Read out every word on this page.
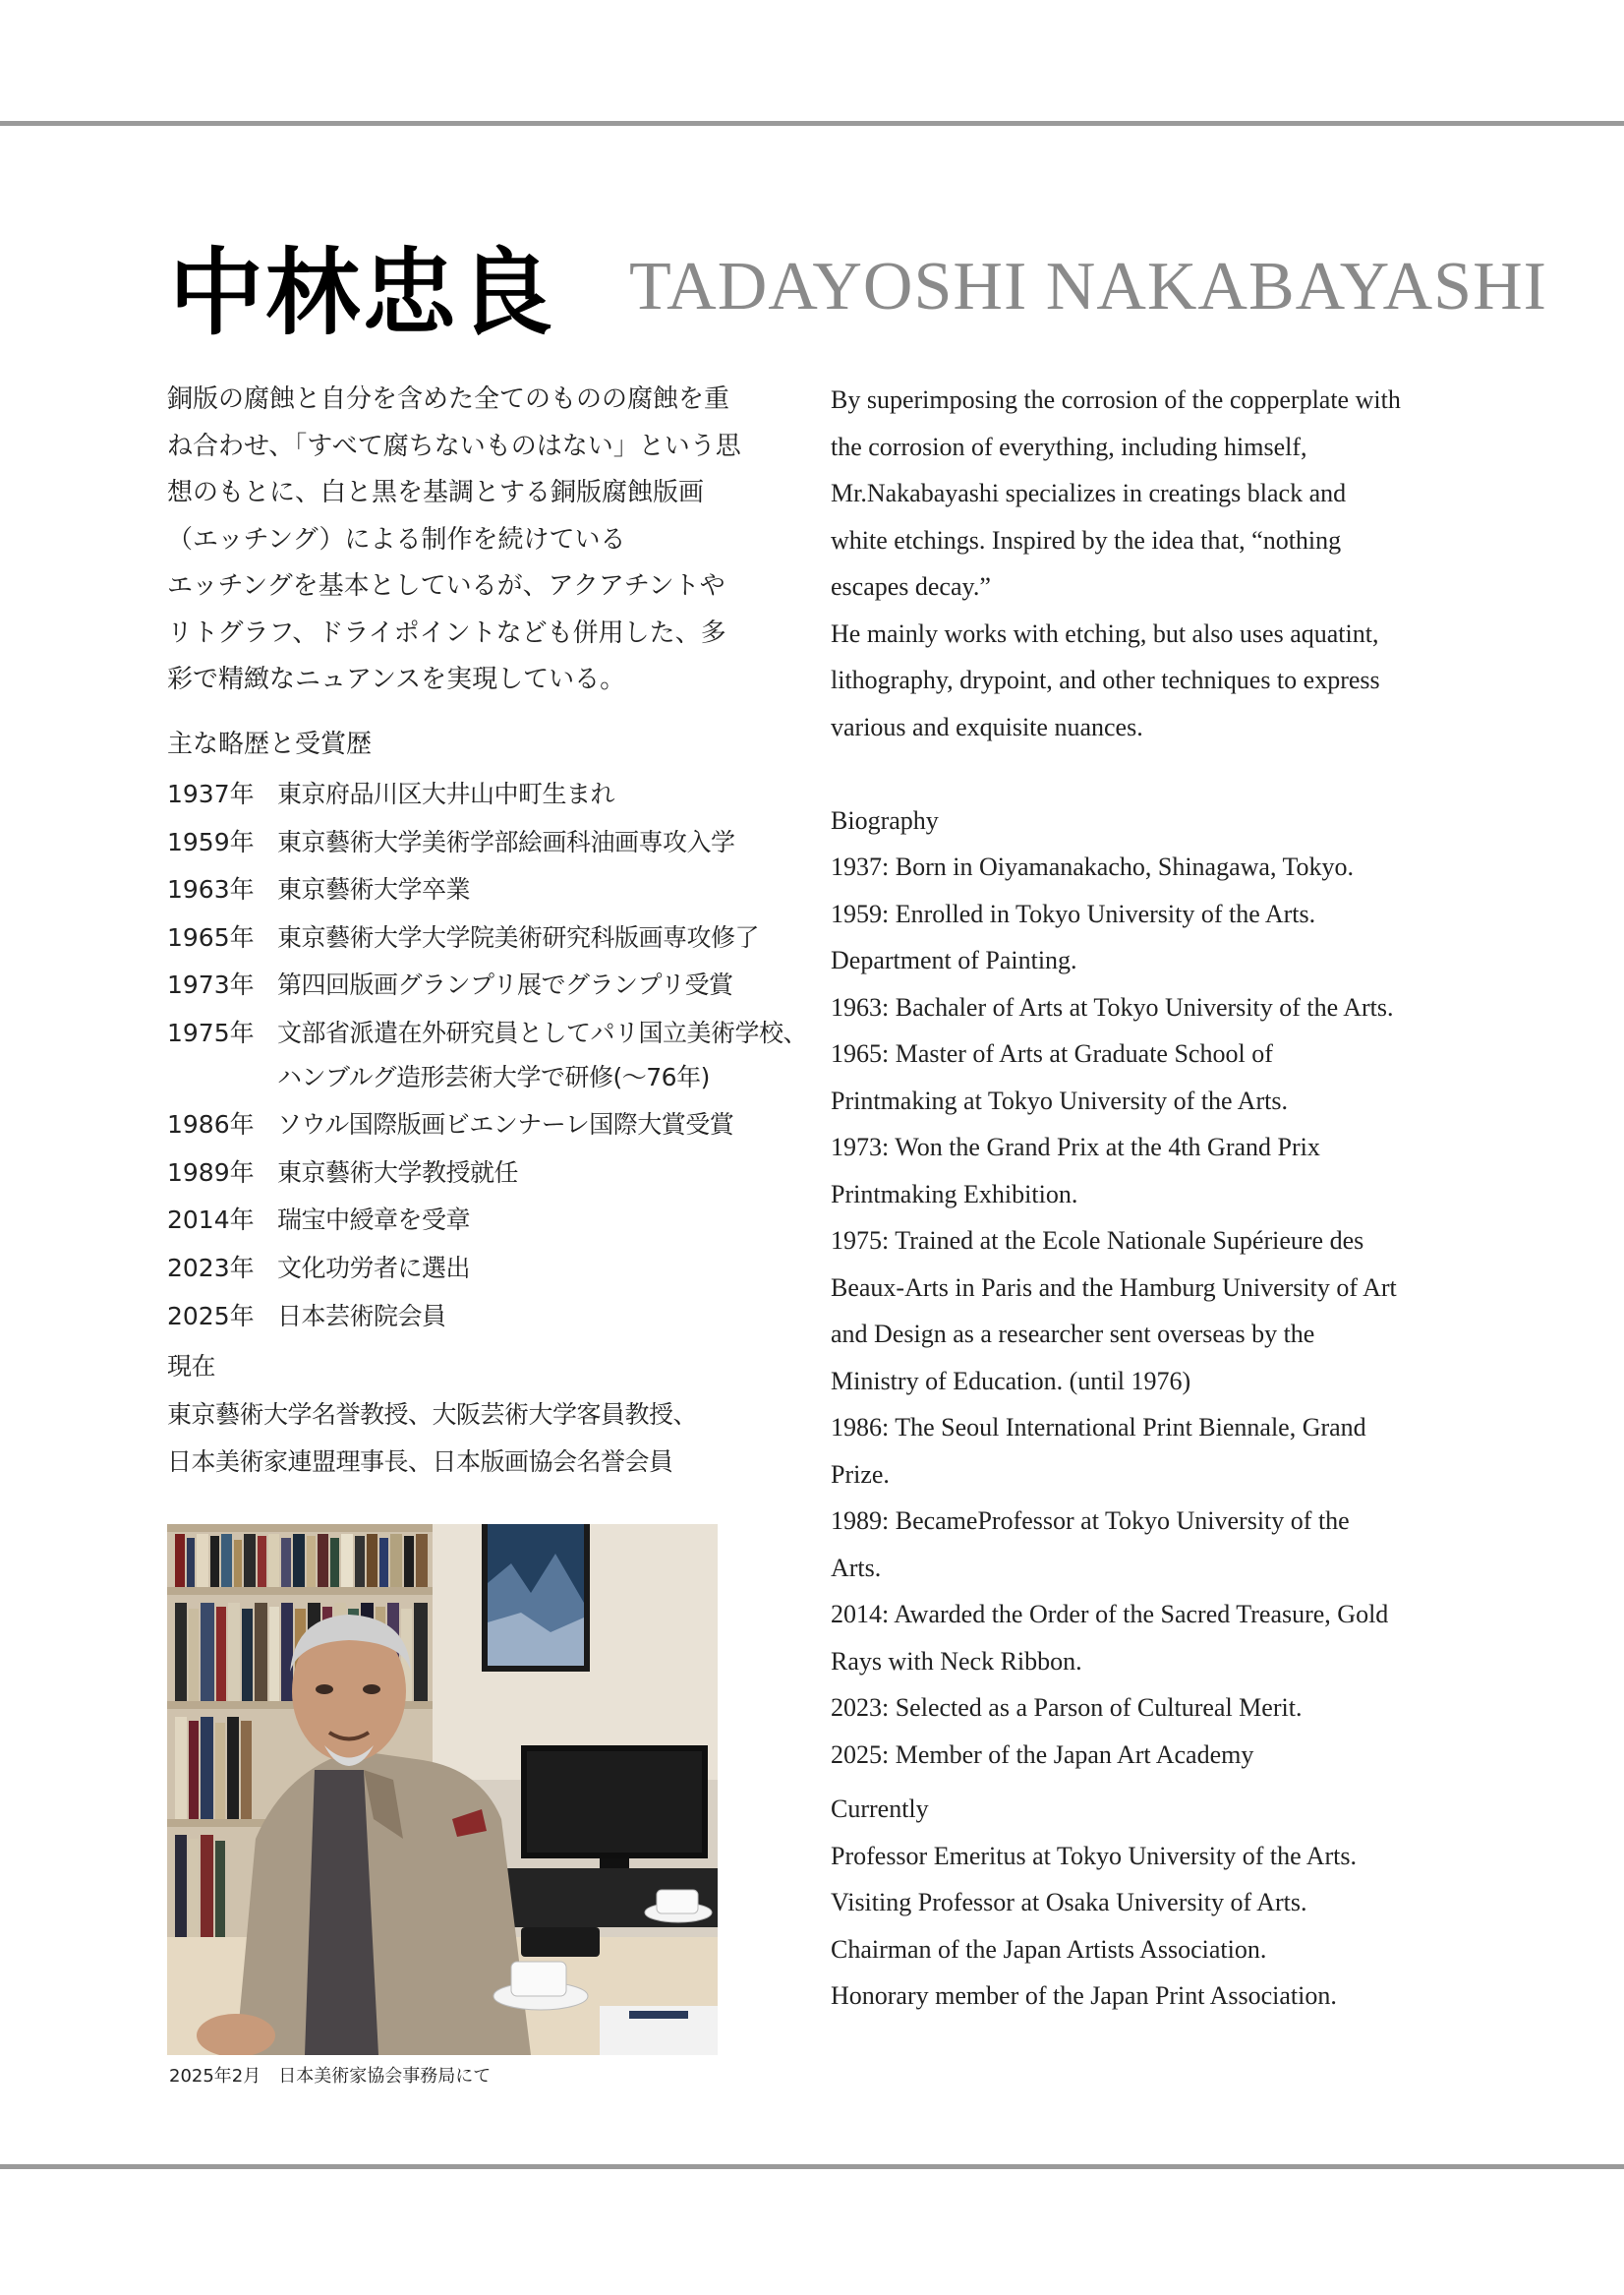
中林忠良 TADAYOSHI NAKABAYASHI

銅版の腐蝕と自分を含めた全てのものの腐蝕を重

ね合わせ、「すべて腐ちないものはない」という思

想のもとに、白と黒を基調とする銅版腐蝕版画

（エッチング）による制作を続けている

エッチングを基本としているが、アクアチントや

リトグラフ、ドライポイントなども併用した、多

彩で精緻なニュアンスを実現している。

主な略歴と受賞歴
1937年 東京府品川区大井山中町生まれ
1959年 東京藝術大学美術学部絵画科油画専攻入学
1963年 東京藝術大学卒業
1965年 東京藝術大学大学院美術研究科版画専攻修了
1973年 第四回版画グランプリ展でグランプリ受賞
1975年 文部省派遣在外研究員としてパリ国立美術学校、
ハンブルグ造形芸術大学で研修(〜76年)
1986年 ソウル国際版画ビエンナーレ国際大賞受賞
1989年 東京藝術大学教授就任
2014年 瑞宝中綬章を受章
2023年 文化功労者に選出
2025年 日本芸術院会員

現在

東京藝術大学名誉教授、大阪芸術大学客員教授、

日本美術家連盟理事長、日本版画協会名誉会員

2025年2月　日本美術家協会事務局にて

By superimposing the corrosion of the copperplate with

the corrosion of everything, including himself,

Mr.Nakabayashi specializes in creatings black and

white etchings. Inspired by the idea that, “nothing

escapes decay.”

He mainly works with etching, but also uses aquatint,

lithography, drypoint, and other techniques to express

various and exquisite nuances.

Biography

1937: Born in Oiyamanakacho, Shinagawa, Tokyo.

1959: Enrolled in Tokyo University of the Arts.

Department of Painting.

1963: Bachaler of Arts at Tokyo University of the Arts.

1965: Master of Arts at Graduate School of

Printmaking at Tokyo University of the Arts.

1973: Won the Grand Prix at the 4th Grand Prix

Printmaking Exhibition.

1975: Trained at the Ecole Nationale Supérieure des

Beaux-Arts in Paris and the Hamburg University of Art

and Design as a researcher sent overseas by the

Ministry of Education. (until 1976)

1986: The Seoul International Print Biennale, Grand

Prize.

1989: BecameProfessor at Tokyo University of the

Arts.

2014: Awarded the Order of the Sacred Treasure, Gold

Rays with Neck Ribbon.

2023: Selected as a Parson of Cultureal Merit.

2025: Member of the Japan Art Academy

Currently

Professor Emeritus at Tokyo University of the Arts.

Visiting Professor at Osaka University of Arts.

Chairman of the Japan Artists Association.

Honorary member of the Japan Print Association.
